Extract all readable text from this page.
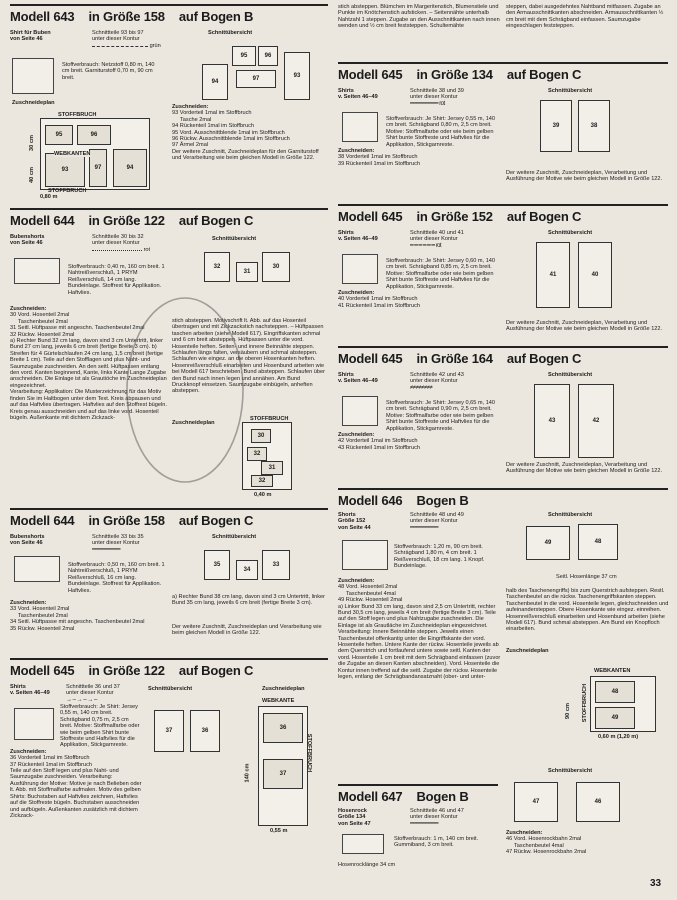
Modell 643 in Größe 158 auf Bogen B
Shirt für Buben
von Seite 46
Schnittteile 93 bis 97
unter dieser Kontur
grün
Stoffverbrauch: Netzstoff 0,80 m, 140 cm breit. Garniturstoff 0,70 m, 90 cm breit.
Zuschneideplan
95	96
93	97	94
STOFFBRUCH
WEBKANTEN
STOFFBRUCH
30 cm
40 cm
0,80 m
Schnittübersicht
94
95
97
96
93
Zuschneiden:
93 Vorderteil 1mal im Stoffbruch
Tasche 2mal
94 Rückenteil 1mal im Stoffbruch
95 Vord. Ausschnittblende 1mal im Stoffbruch
96 Rückw. Ausschnittblende 1mal im Stoffbruch
97 Ärmel 2mal
Der weitere Zuschnitt, Zuschneideplan für den Garniturstoff und Verarbeitung wie beim gleichen Modell in Größe 122.
Modell 644 in Größe 122 auf Bogen C
Bubenshorts
von Seite 46
Schnittteile 30 bis 32
unter dieser Kontur
rot
Stoffverbrauch: 0,40 m, 160 cm breit. 1 Nahtreißverschluß, 1 PRYM Reißverschluß, 14 cm lang. Bundeinlage. Stoffrest für Applikation. Haftvlies.
Zuschneiden:
30 Vord. Hosenteil 2mal
Taschenbeutel 2mal
31 Seitl. Hüftpasse mit angeschn. Taschenbeutel 2mal
32 Rückw. Hosenteil 2mal
a) Rechter Bund 32 cm lang, davon sind 3 cm Untertritt, linker Bund 27 cm lang, jeweils 6 cm breit (fertige Breite 3 cm). b) Streifen für 4 Gürtelschlaufen 24 cm lang, 1,5 cm breit (fertige Breite 1 cm). Teile auf den Stofflagen und plus Naht- und Saumzugabe zuschneiden. An den seitl. Hüftpassen entlang den vord. Kanten beginnend, Kante, links Kante Lange Zugabe anschneiden. Die Einlage ist als Grautiöche im Zuschneideplan eingezeichnet.
Verarbeitung: Applikation: Die Musterzeichnung für das Motiv finden Sie im Haltbogen unter dem Text. Kreis abpausen und auf das Haftvlies übertragen. Haftvlies auf den Stoffrest bügeln. Kreis genau ausschneiden und auf das linke vord. Hosenteil bügeln. Außenkante mit dichtem Zickzack-
Schnittübersicht
32
31
30
stich absteppen. Motivschrift lt. Abb. auf das Hosenteil übertragen und mit Zickzackstich nachsteppen. – Hüftpassen taschen arbeiten (siehe Modell 617). Eingriffskanten schmal und 6 cm breit absteppen. Hüftpassen unter die vord. Hosenteile heften. Seiten- und innere Beinnähte steppen. Schlaufen längs falten, versäubern und schmal absteppen. Schlaufen wie eingez. an die oberen Hosenkanten heften. Hosenreißverschluß einarbeiten und Hosenbund arbeiten wie bei Modell 617 beschrieben. Bund absteppen. Schlaufen über den Bund nach innen legen und annähen. Am Bund Druckknopf einsetzen. Saumzugabe einbügeln, anheften absteppen.
Zuschneideplan
30
32
31
32
STOFFBRUCH
0,40 m
Modell 644 in Größe 158 auf Bogen C
Bubenshorts
von Seite 46
Schnittteile 33 bis 35
unter dieser Kontur
━━━━━━━━━
Stoffverbrauch: 0,50 m, 160 cm breit. 1 Nahtreißverschluß, 1 PRYM Reißverschluß, 16 cm lang. Bundeinlage. Stoffrest für Applikation. Haftvlies.
Zuschneiden:
33 Vord. Hosenteil 2mal
Taschenbeutel 2mal
34 Seitl. Hüftpasse mit angeschn. Taschenbeutel 2mal
35 Rückw. Hosenteil 2mal
Schnittübersicht
35
34
33
a) Rechter Bund 38 cm lang, davon sind 3 cm Untertritt, linker Bund 35 cm lang, jeweils 6 cm breit (fertige Breite 3 cm).
Der weitere Zuschnitt, Zuschneideplan und Verarbeitung wie beim gleichen Modell in Größe 122.
Modell 645 in Größe 122 auf Bogen C
Shirts
v. Seiten 46–49
Schnittteile 36 und 37
unter dieser Kontur
→ – → – → –
Stoffverbrauch: Je Shirt: Jersey 0,55 m, 140 cm breit. Schrägband 0,75 m, 2,5 cm breit. Motive: Stoffmalfarbe oder wie beim gelben Shirt bunte Stoffreste und Haftvlies für die Applikation, Stickgarnreste.
Zuschneiden:
36 Vorderteil 1mal im Stoffbruch
37 Rückenteil 1mal im Stoffbruch
Teile auf den Stoff legen und plus Naht- und Saumzugabe zuschneiden. Verarbeitung: Ausführung der Motive: Motive je nach Belieben oder lt. Abb. mit Stoffmalfarbe aufmalen. Motiv des gelben Shirts: Buchstaben auf Haftvlies zeichnen, Haftvlies auf die Stoffreste bügeln. Buchstaben ausschneiden und aufbügeln. Außenkanten zusätzlich mit dichtem Zickzack-
Schnittübersicht
37	36
Zuschneideplan
WEBKANTE
36
37
140 cm
STOFFBRUCH
0,55 m
stich absteppen. Blümchen im Margeritenstich, Blumenstiele und Punkte im Knötchenstich aufsticken. – Seitennähte unterhalb Nahtzahl 1 steppen. Zugabe an den Ausschnittkanten nach innen wenden und ½ cm breit feststeppen. Schultemähte
steppen, dabei ausgedehntes Nahtband mitfassen. Zugabe an den Armausschnittkanten abschneiden. Armausschnittkanten ½ cm breit mit dem Schrägband einfassen. Saumzugabe eingeschlagen feststeppen.
Modell 645 in Größe 134 auf Bogen C
Shirts
v. Seiten 46–49
Schnittteile 38 und 39
unter dieser Kontur
━━━━━━━━━ rot
Stoffverbrauch: Je Shirt: Jersey 0,55 m, 140 cm breit. Schrägband 0,80 m, 2,5 cm breit. Motive: Stoffmalfarbe oder wie beim gelben Shirt bunte Stoffreste und Haftvlies für die Applikation, Stickgarnreste.
Zuschneiden:
38 Vorderteil 1mal im Stoffbruch
39 Rückenteil 1mal im Stoffbruch
Schnittübersicht
39	38
Der weitere Zuschnitt, Zuschneideplan, Verarbeitung und Ausführung der Motive wie beim gleichen Modell in Größe 122.
Modell 645 in Größe 152 auf Bogen C
Shirts
v. Seiten 46–49
Schnittteile 40 und 41
unter dieser Kontur
━ ━ ━ ━ ━ ━ rot
Stoffverbrauch: Je Shirt: Jersey 0,60 m, 140 cm breit. Schrägband 0,85 m, 2,5 cm breit. Motive: Stoffmalfarbe oder wie beim gelben Shirt bunte Stoffreste und Haftvlies für die Applikation, Stickgarnreste.
Zuschneiden:
40 Vorderteil 1mal im Stoffbruch
41 Rückenteil 1mal im Stoffbruch
Schnittübersicht
41	40
Der weitere Zuschnitt, Zuschneideplan, Verarbeitung und Ausführung der Motive wie beim gleichen Modell in Größe 122.
Modell 645 in Größe 164 auf Bogen C
Shirts
v. Seiten 46–49
Schnittteile 42 und 43
unter dieser Kontur
≠≠≠≠≠≠≠≠
Stoffverbrauch: Je Shirt: Jersey 0,65 m, 140 cm breit. Schrägband 0,90 m, 2,5 cm breit. Motive: Stoffmalfarbe oder wie beim gelben Shirt bunte Stoffreste und Haftvlies für die Applikation, Stickgarnreste.
Zuschneiden:
42 Vorderteil 1mal im Stoffbruch
43 Rückenteil 1mal im Stoffbruch
Schnittübersicht
43	42
Der weitere Zuschnitt, Zuschneideplan, Verarbeitung und Ausführung der Motive wie beim gleichen Modell in Größe 122.
Modell 646 Bogen B
Shorts
Größe 152
von Seite 44
Schnittteile 48 und 49
unter dieser Kontur
━━━━━━━━━
Stoffverbrauch: 1,20 m, 90 cm breit. Schrägband 1,80 m, 4 cm breit. 1 Reißverschluß, 18 cm lang. 1 Knopf. Bundeinlage.
Zuschneiden:
48 Vord. Hosenteil 2mal
Taschenbeutel 4mal
49 Rückw. Hosenteil 2mal
a) Linker Bund 33 cm lang, davon sind 2,5 cm Untertritt, rechter Bund 30,5 cm lang, jeweils 4 cm breit (fertige Breite 3 cm). Teile auf den Stoff legen und plus Nahtzugabe zuschneiden. Die Einlage ist als Grautläche im Zuschneideplan eingezeichnet.
Verarbeitung: Innere Beinnähte steppen. Jeweils einen Taschenbeutel offenkantig unter die Eingriffskante der vord. Hosenteile heften. Untere Kante der rückw. Hosenteile jeweils ab dem Querstrich und fortlaufend untere sowie seitl. Kanten der vord. Hosenteile 1 cm breit mit dem Schrägband einfassen (zuvor die Zugabe an diesen Kanten abschneiden). Vord. Hosenteile die Kontur innen treffend auf die seitl. Zugabe der rückw. Hosenteile legen, entlang der Schrägbandansatznaht (ober- und unter-
Schnittübersicht
49	48
Seitl. Hosenlänge 37 cm
halb des Taschenengriffs) bis zum Querstrich aufsteppen. Restl. Taschenbeutel an die rückw. Taschenengriffskanten steppen. Taschenbeutel in die vord. Hosenteile legen, gleichschneiden und aufeinandersteppen. Obere Hosenkante wie eingez. einreihen. Hosenreißverschluß einarbeiten und Hosenbund arbeiten (siehe Modell 617). Bund schmal absteppen. Am Bund ein Knopfloch einarbeiten.
Zuschneideplan
WEBKANTEN
48
49
90 cm STOFFBRUCH
0,60 m (1,20 m)
Modell 647 Bogen B
Hosenrock
Größe 134
von Seite 47
Schnittteile 46 und 47
unter dieser Kontur
━━━━━━━━━
Stoffverbrauch: 1 m, 140 cm breit. Gummiband, 3 cm breit.
Hosenrocklänge 34 cm
Schnittübersicht
47	46
Zuschneiden:
46 Vord. Hosenrockbahn 2mal
Taschenbeutel 4mal
47 Rückw. Hosenrockbahn 2mal
33
